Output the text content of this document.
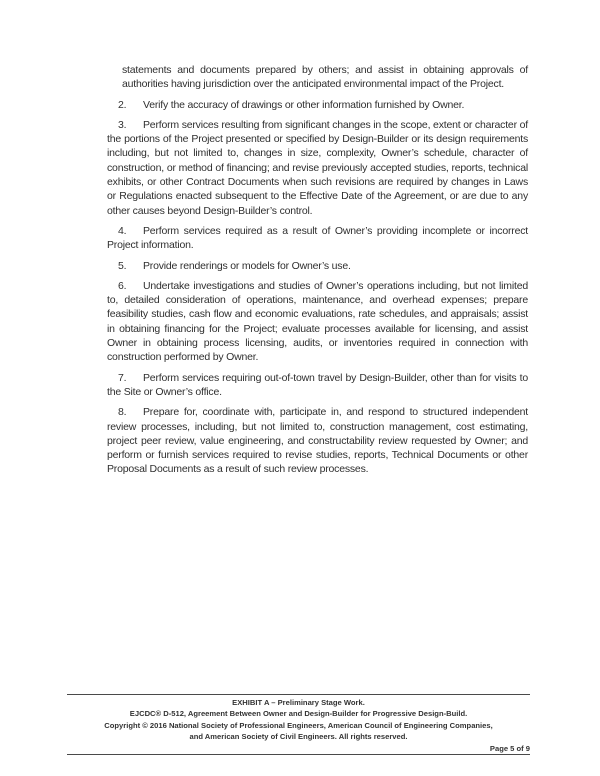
statements and documents prepared by others; and assist in obtaining approvals of authorities having jurisdiction over the anticipated environmental impact of the Project.

2. Verify the accuracy of drawings or other information furnished by Owner.

3. Perform services resulting from significant changes in the scope, extent or character of the portions of the Project presented or specified by Design-Builder or its design requirements including, but not limited to, changes in size, complexity, Owner’s schedule, character of construction, or method of financing; and revise previously accepted studies, reports, technical exhibits, or other Contract Documents when such revisions are required by changes in Laws or Regulations enacted subsequent to the Effective Date of the Agreement, or are due to any other causes beyond Design-Builder’s control.

4. Perform services required as a result of Owner’s providing incomplete or incorrect Project information.

5. Provide renderings or models for Owner’s use.

6. Undertake investigations and studies of Owner’s operations including, but not limited to, detailed consideration of operations, maintenance, and overhead expenses; prepare feasibility studies, cash flow and economic evaluations, rate schedules, and appraisals; assist in obtaining financing for the Project; evaluate processes available for licensing, and assist Owner in obtaining process licensing, audits, or inventories required in connection with construction performed by Owner.

7. Perform services requiring out-of-town travel by Design-Builder, other than for visits to the Site or Owner’s office.

8. Prepare for, coordinate with, participate in, and respond to structured independent review processes, including, but not limited to, construction management, cost estimating, project peer review, value engineering, and constructability review requested by Owner; and perform or furnish services required to revise studies, reports, Technical Documents or other Proposal Documents as a result of such review processes.

EXHIBIT A – Preliminary Stage Work.
EJCDC® D-512, Agreement Between Owner and Design-Builder for Progressive Design-Build.
Copyright © 2016 National Society of Professional Engineers, American Council of Engineering Companies,
and American Society of Civil Engineers. All rights reserved.
Page 5 of 9
